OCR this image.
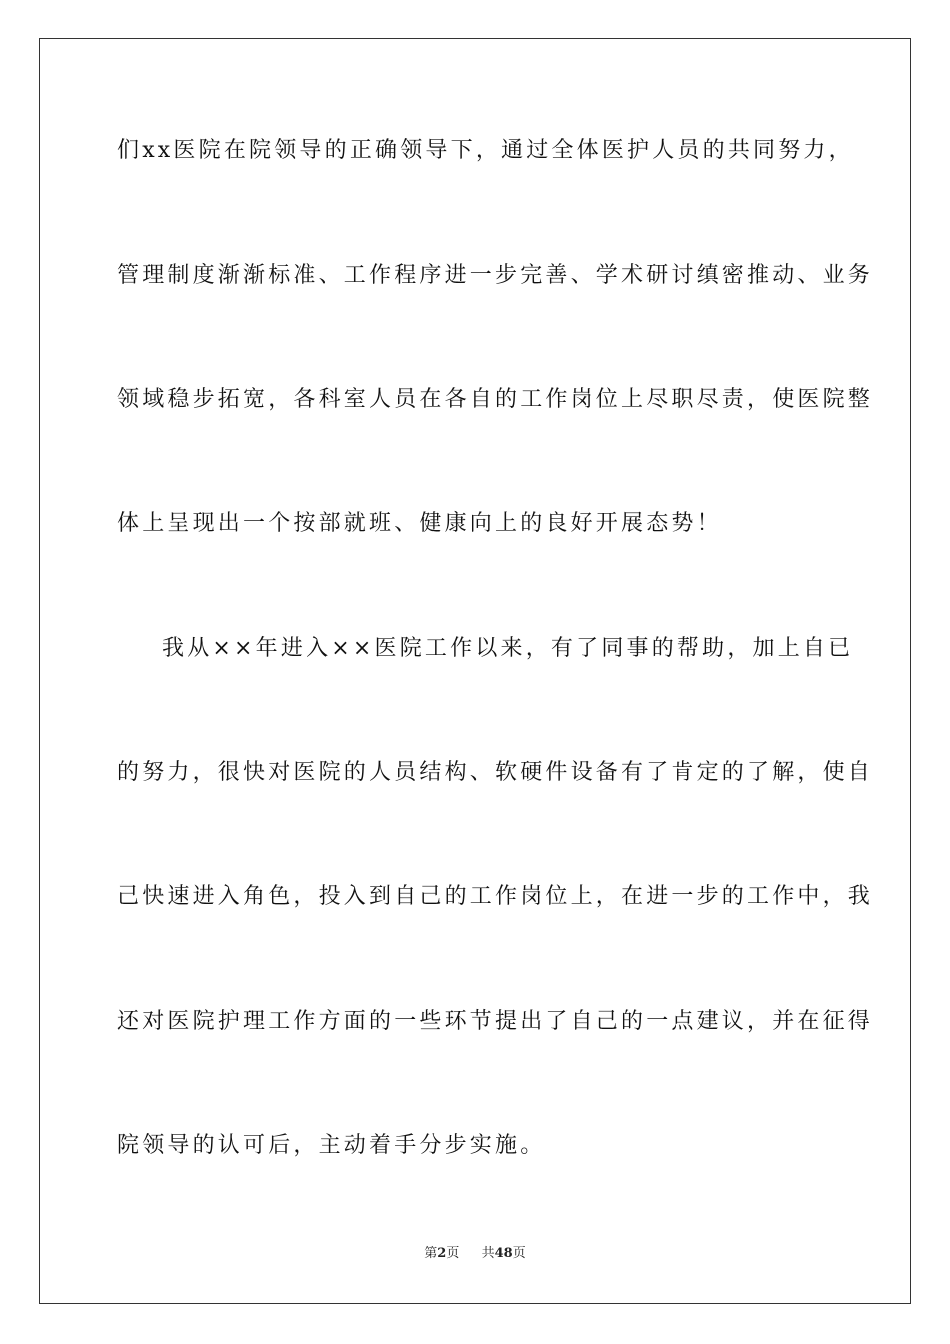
们xx医院在院领导的正确领导下，通过全体医护人员的共同努力，
管理制度渐渐标准、工作程序进一步完善、学术研讨缜密推动、业务
领域稳步拓宽，各科室人员在各自的工作岗位上尽职尽责，使医院整
体上呈现出一个按部就班、健康向上的良好开展态势！
我从××年进入××医院工作以来，有了同事的帮助，加上自已
的努力，很快对医院的人员结构、软硬件设备有了肯定的了解，使自
己快速进入角色，投入到自己的工作岗位上，在进一步的工作中，我
还对医院护理工作方面的一些环节提出了自己的一点建议，并在征得
院领导的认可后，主动着手分步实施。
第2页 共48页
